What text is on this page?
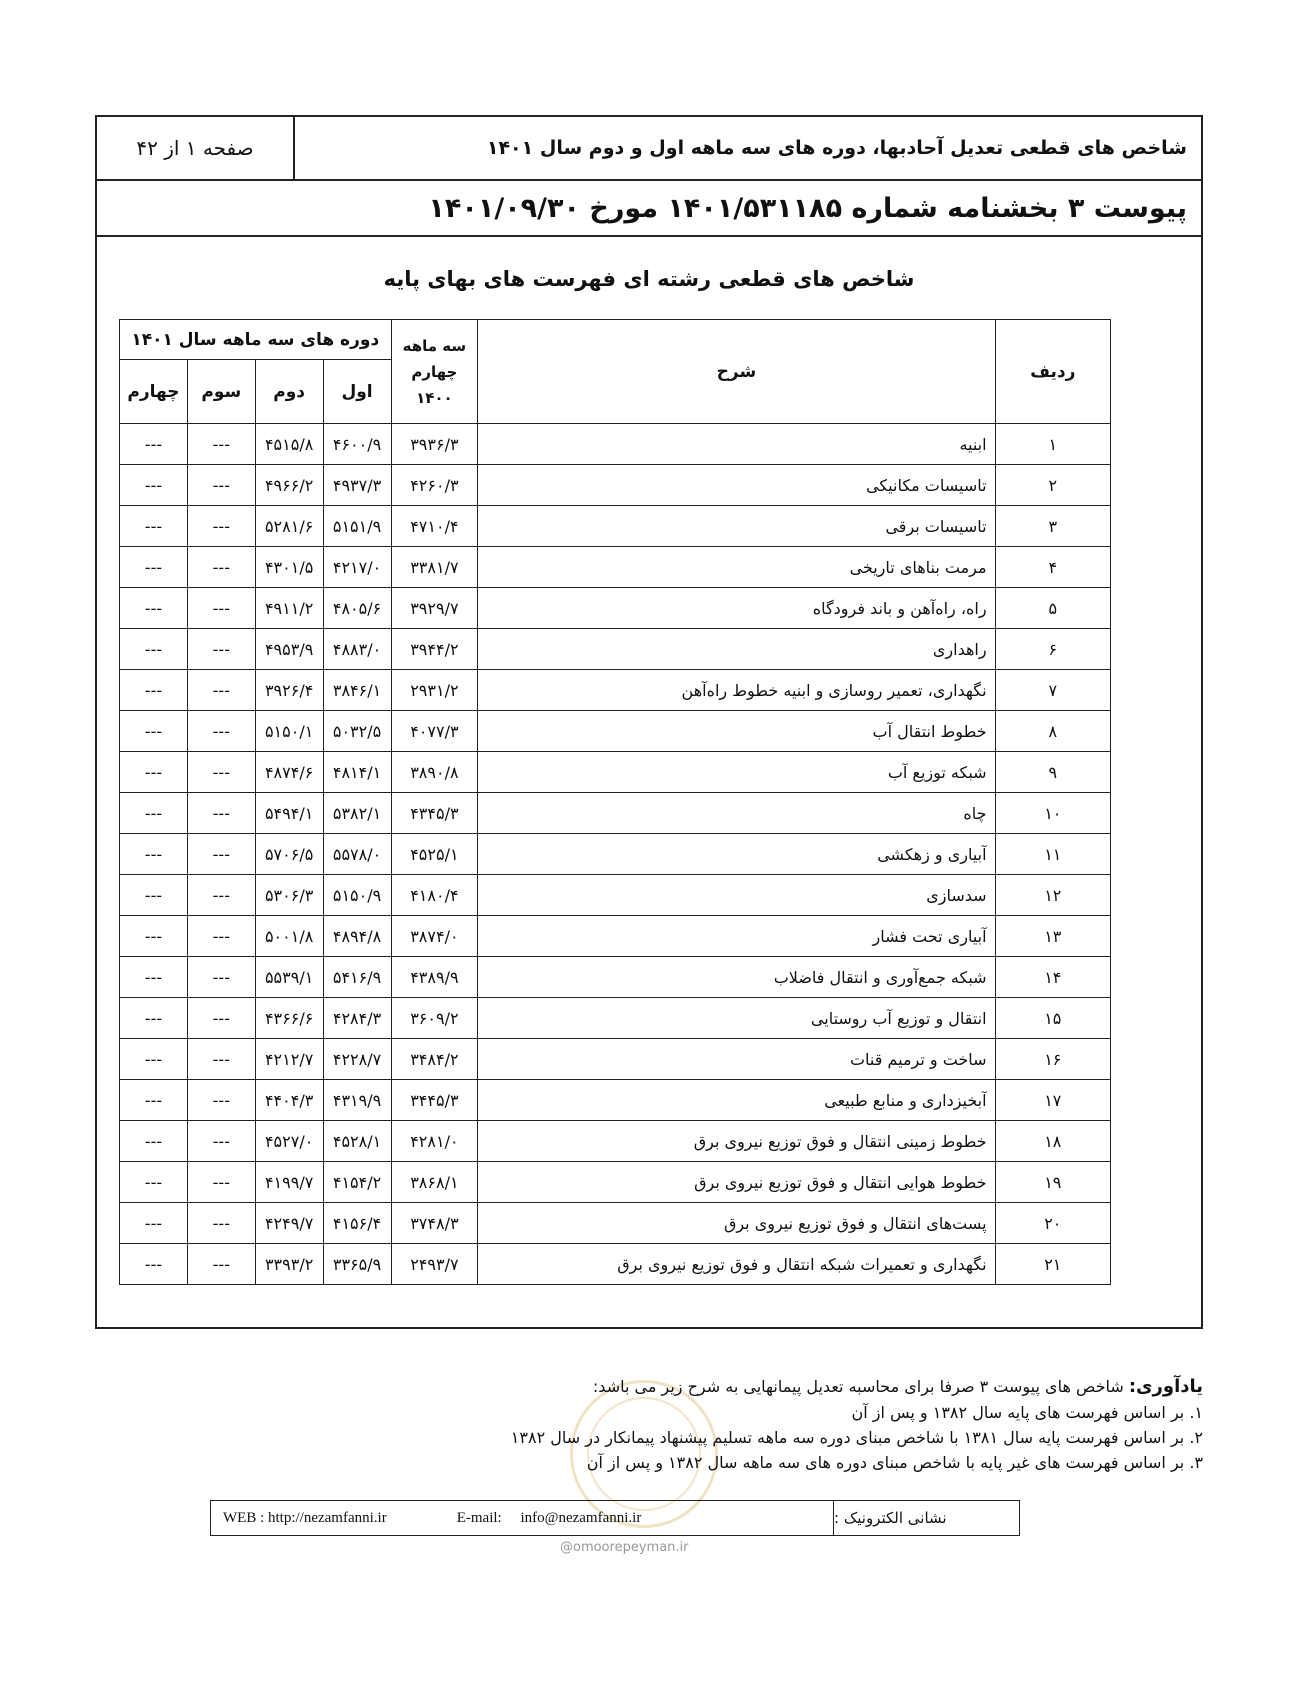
شاخص های قطعی تعدیل آحادبها، دوره های سه ماهه اول و دوم سال ۱۴۰۱
صفحه ۱ از ۴۲
پیوست ۳ بخشنامه شماره ۱۴۰۱/۵۳۱۱۸۵ مورخ ۱۴۰۱/۰۹/۳۰
شاخص های قطعی رشته ای فهرست های بهای پایه
ردیف	شرح	سه ماهه چهارم ۱۴۰۰	دوره های سه ماهه سال ۱۴۰۱			
			اول	دوم	سوم	چهارم
۱	ابنیه	۳۹۳۶/۳	۴۶۰۰/۹	۴۵۱۵/۸	---	---
۲	تاسیسات مکانیکی	۴۲۶۰/۳	۴۹۳۷/۳	۴۹۶۶/۲	---	---
۳	تاسیسات برقی	۴۷۱۰/۴	۵۱۵۱/۹	۵۲۸۱/۶	---	---
۴	مرمت بناهای تاریخی	۳۳۸۱/۷	۴۲۱۷/۰	۴۳۰۱/۵	---	---
۵	راه، راه‌آهن و باند فرودگاه	۳۹۲۹/۷	۴۸۰۵/۶	۴۹۱۱/۲	---	---
۶	راهداری	۳۹۴۴/۲	۴۸۸۳/۰	۴۹۵۳/۹	---	---
۷	نگهداری، تعمیر روسازی و ابنیه خطوط راه‌آهن	۲۹۳۱/۲	۳۸۴۶/۱	۳۹۲۶/۴	---	---
۸	خطوط انتقال آب	۴۰۷۷/۳	۵۰۳۲/۵	۵۱۵۰/۱	---	---
۹	شبکه توزیع آب	۳۸۹۰/۸	۴۸۱۴/۱	۴۸۷۴/۶	---	---
۱۰	چاه	۴۳۴۵/۳	۵۳۸۲/۱	۵۴۹۴/۱	---	---
۱۱	آبیاری و زهکشی	۴۵۲۵/۱	۵۵۷۸/۰	۵۷۰۶/۵	---	---
۱۲	سدسازی	۴۱۸۰/۴	۵۱۵۰/۹	۵۳۰۶/۳	---	---
۱۳	آبیاری تحت فشار	۳۸۷۴/۰	۴۸۹۴/۸	۵۰۰۱/۸	---	---
۱۴	شبکه جمع‌آوری و انتقال فاضلاب	۴۳۸۹/۹	۵۴۱۶/۹	۵۵۳۹/۱	---	---
۱۵	انتقال و توزیع آب روستایی	۳۶۰۹/۲	۴۲۸۴/۳	۴۳۶۶/۶	---	---
۱۶	ساخت و ترمیم قنات	۳۴۸۴/۲	۴۲۲۸/۷	۴۲۱۲/۷	---	---
۱۷	آبخیزداری و منابع طبیعی	۳۴۴۵/۳	۴۳۱۹/۹	۴۴۰۴/۳	---	---
۱۸	خطوط زمینی انتقال و فوق توزیع نیروی برق	۴۲۸۱/۰	۴۵۲۸/۱	۴۵۲۷/۰	---	---
۱۹	خطوط هوایی انتقال و فوق توزیع نیروی برق	۳۸۶۸/۱	۴۱۵۴/۲	۴۱۹۹/۷	---	---
۲۰	پست‌های انتقال و فوق توزیع نیروی برق	۳۷۴۸/۳	۴۱۵۶/۴	۴۲۴۹/۷	---	---
۲۱	نگهداری و تعمیرات شبکه انتقال و فوق توزیع نیروی برق	۲۴۹۳/۷	۳۳۶۵/۹	۳۳۹۳/۲	---	---
یادآوری: شاخص های پیوست ۳ صرفا برای محاسبه تعدیل پیمانهایی به شرح زیر می باشد:
۱. بر اساس فهرست های پایه سال ۱۳۸۲ و پس از آن
۲. بر اساس فهرست پایه سال ۱۳۸۱ با شاخص مبنای دوره سه ماهه تسلیم پیشنهاد پیمانکار در سال ۱۳۸۲
۳. بر اساس فهرست های غیر پایه با شاخص مبنای دوره های سه ماهه سال ۱۳۸۲ و پس از آن
WEB : http://nezamfanni.ir	E-mail: info@nezamfanni.ir	نشانی الکترونیک :
@omoorepeyman.ir
